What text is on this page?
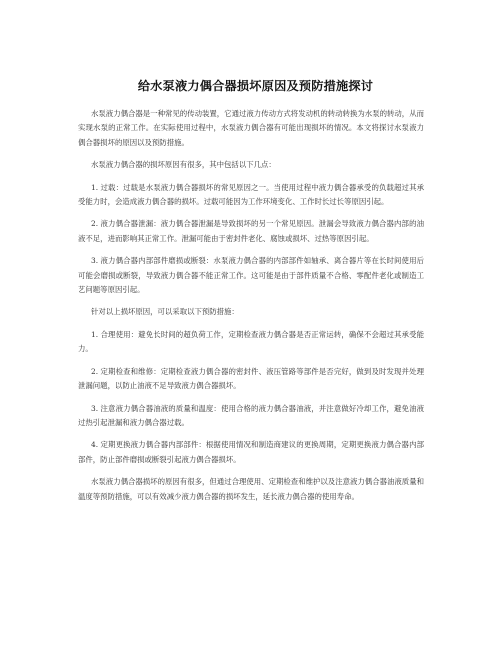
给水泵液力偶合器损坏原因及预防措施探讨

水泵液力偶合器是一种常见的传动装置，它通过液力传动方式将发动机的转动转换为水泵的转动，从而实现水泵的正常工作。在实际使用过程中，水泵液力偶合器有可能出现损坏的情况。本文将探讨水泵液力偶合器损坏的原因以及预防措施。

水泵液力偶合器的损坏原因有很多，其中包括以下几点：

1. 过载：过载是水泵液力偶合器损坏的常见原因之一。当使用过程中液力偶合器承受的负载超过其承受能力时，会造成液力偶合器的损坏。过载可能因为工作环境变化、工作时长过长等原因引起。

2. 液力偶合器泄漏：液力偶合器泄漏是导致损坏的另一个常见原因。泄漏会导致液力偶合器内部的油液不足，进而影响其正常工作。泄漏可能由于密封件老化、腐蚀或损坏、过热等原因引起。

3. 液力偶合器内部部件磨损或断裂：水泵液力偶合器的内部部件如轴承、离合器片等在长时间使用后可能会磨损或断裂，导致液力偶合器不能正常工作。这可能是由于部件质量不合格、零配件老化或制造工艺问题等原因引起。

针对以上损坏原因，可以采取以下预防措施：

1. 合理使用：避免长时间的超负荷工作，定期检查液力偶合器是否正常运转，确保不会超过其承受能力。

2. 定期检查和维修：定期检查液力偶合器的密封件、液压管路等部件是否完好，做到及时发现并处理泄漏问题，以防止油液不足导致液力偶合器损坏。

3. 注意液力偶合器油液的质量和温度：使用合格的液力偶合器油液，并注意做好冷却工作，避免油液过热引起泄漏和液力偶合器过载。

4. 定期更换液力偶合器内部部件：根据使用情况和制造商建议的更换周期，定期更换液力偶合器内部部件，防止部件磨损或断裂引起液力偶合器损坏。

水泵液力偶合器损坏的原因有很多，但通过合理使用、定期检查和维护以及注意液力偶合器油液质量和温度等预防措施，可以有效减少液力偶合器的损坏发生，延长液力偶合器的使用寿命。
